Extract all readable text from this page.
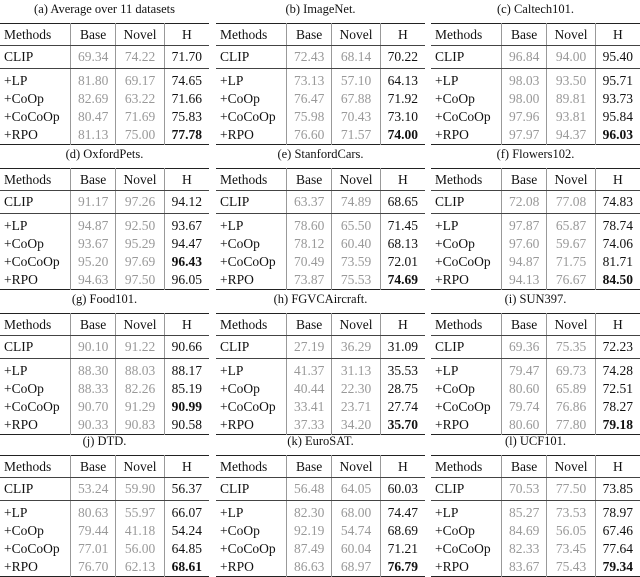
(a) Average over 11 datasets
Methods	Base	Novel	H
CLIP	69.34	74.22	71.70
+LP	81.80	69.17	74.65
+CoOp	82.69	63.22	71.66
+CoCoOp	80.47	71.69	75.83
+RPO	81.13	75.00	77.78
(b) ImageNet.
Methods	Base	Novel	H
CLIP	72.43	68.14	70.22
+LP	73.13	57.10	64.13
+CoOp	76.47	67.88	71.92
+CoCoOp	75.98	70.43	73.10
+RPO	76.60	71.57	74.00
(c) Caltech101.
Methods	Base	Novel	H
CLIP	96.84	94.00	95.40
+LP	98.03	93.50	95.71
+CoOp	98.00	89.81	93.73
+CoCoOp	97.96	93.81	95.84
+RPO	97.97	94.37	96.03
(d) OxfordPets.
Methods	Base	Novel	H
CLIP	91.17	97.26	94.12
+LP	94.87	92.50	93.67
+CoOp	93.67	95.29	94.47
+CoCoOp	95.20	97.69	96.43
+RPO	94.63	97.50	96.05
(e) StanfordCars.
Methods	Base	Novel	H
CLIP	63.37	74.89	68.65
+LP	78.60	65.50	71.45
+CoOp	78.12	60.40	68.13
+CoCoOp	70.49	73.59	72.01
+RPO	73.87	75.53	74.69
(f) Flowers102.
Methods	Base	Novel	H
CLIP	72.08	77.08	74.83
+LP	97.87	65.87	78.74
+CoOp	97.60	59.67	74.06
+CoCoOp	94.87	71.75	81.71
+RPO	94.13	76.67	84.50
(g) Food101.
Methods	Base	Novel	H
CLIP	90.10	91.22	90.66
+LP	88.30	88.03	88.17
+CoOp	88.33	82.26	85.19
+CoCoOp	90.70	91.29	90.99
+RPO	90.33	90.83	90.58
(h) FGVCAircraft.
Methods	Base	Novel	H
CLIP	27.19	36.29	31.09
+LP	41.37	31.13	35.53
+CoOp	40.44	22.30	28.75
+CoCoOp	33.41	23.71	27.74
+RPO	37.33	34.20	35.70
(i) SUN397.
Methods	Base	Novel	H
CLIP	69.36	75.35	72.23
+LP	79.47	69.73	74.28
+CoOp	80.60	65.89	72.51
+CoCoOp	79.74	76.86	78.27
+RPO	80.60	77.80	79.18
(j) DTD.
Methods	Base	Novel	H
CLIP	53.24	59.90	56.37
+LP	80.63	55.97	66.07
+CoOp	79.44	41.18	54.24
+CoCoOp	77.01	56.00	64.85
+RPO	76.70	62.13	68.61
(k) EuroSAT.
Methods	Base	Novel	H
CLIP	56.48	64.05	60.03
+LP	82.30	68.00	74.47
+CoOp	92.19	54.74	68.69
+CoCoOp	87.49	60.04	71.21
+RPO	86.63	68.97	76.79
(l) UCF101.
Methods	Base	Novel	H
CLIP	70.53	77.50	73.85
+LP	85.27	73.53	78.97
+CoOp	84.69	56.05	67.46
+CoCoOp	82.33	73.45	77.64
+RPO	83.67	75.43	79.34
